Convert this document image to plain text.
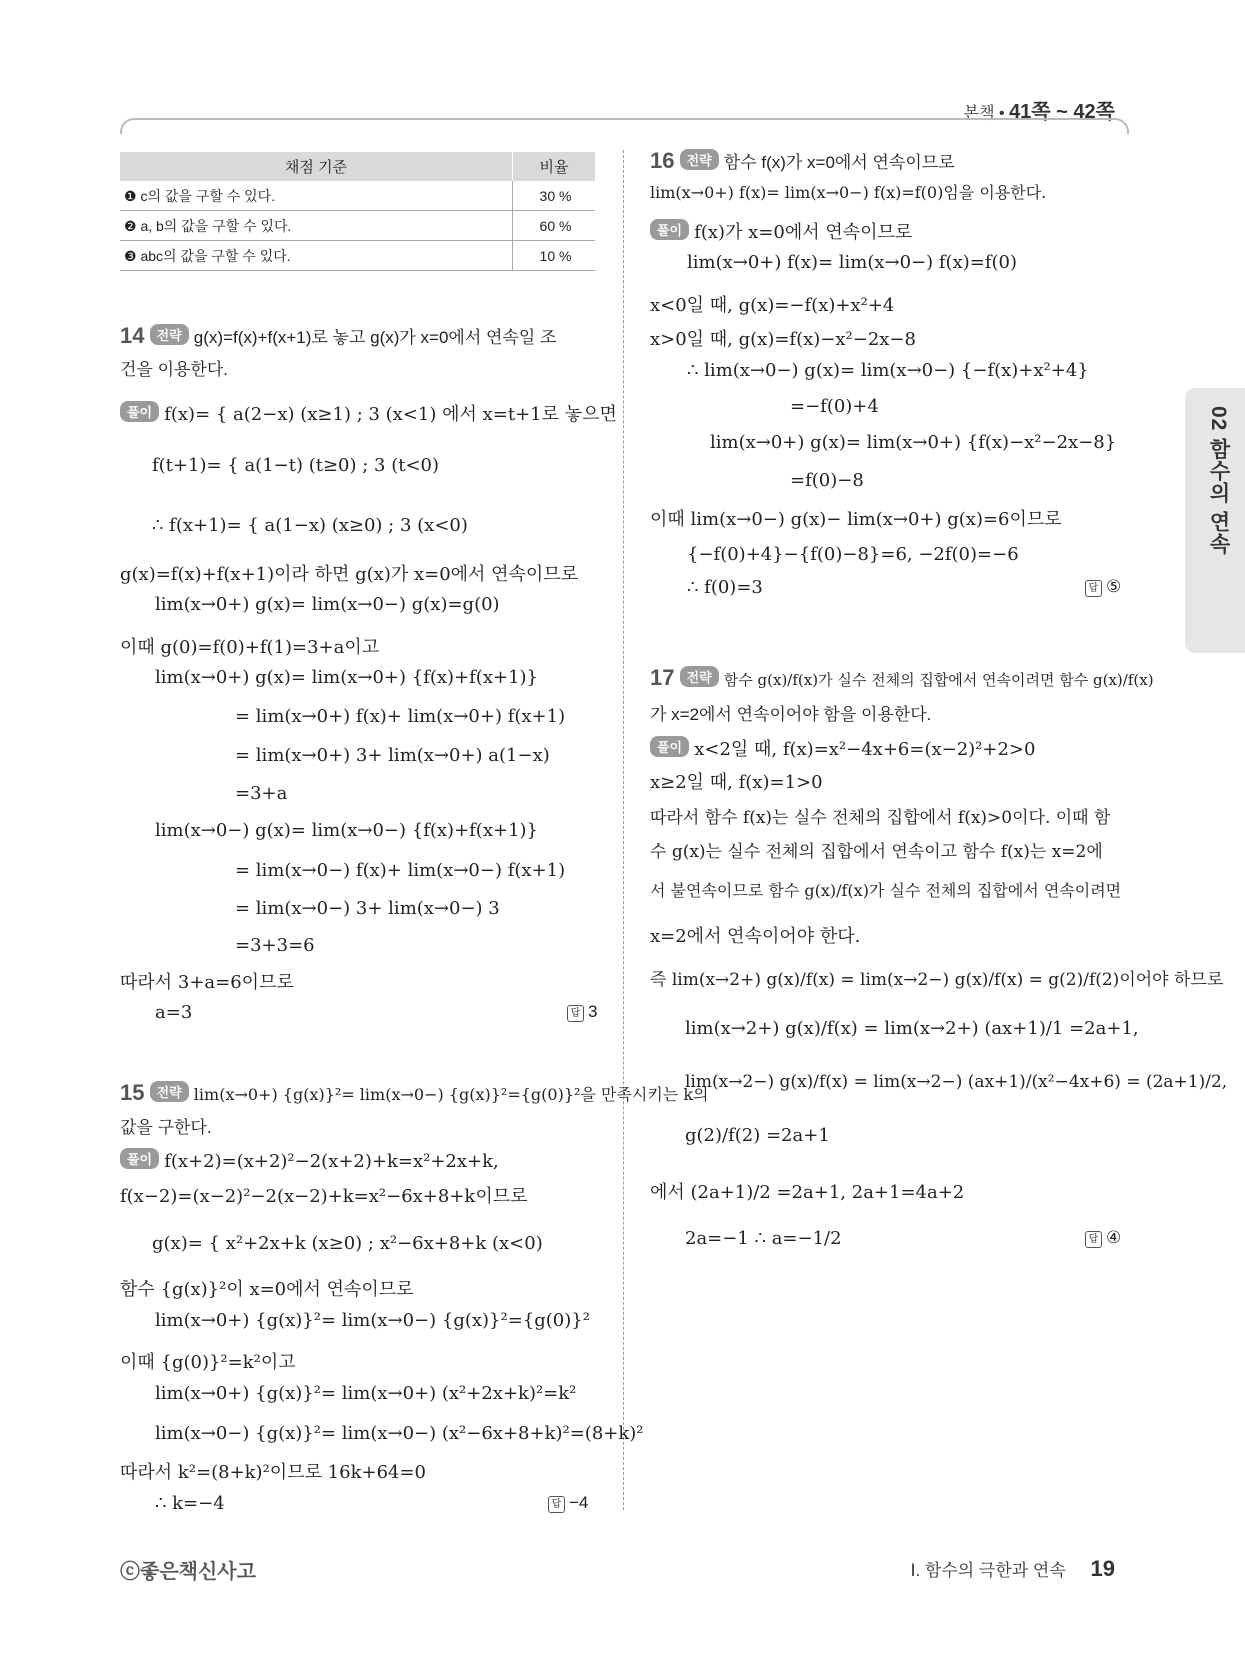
본책 • 41쪽 ~ 42쪽
02 함수의 연속
채점 기준	비율
❶ c의 값을 구할 수 있다.	30 %
❷ a, b의 값을 구할 수 있다.	60 %
❸ abc의 값을 구할 수 있다.	10 %
14 전략 g(x)=f(x)+f(x+1)로 놓고 g(x)가 x=0에서 연속일 조
건을 이용한다.
풀이 f(x)= { a(2−x) (x≥1) ; 3 (x<1) 에서 x=t+1로 놓으면
f(t+1)= { a(1−t) (t≥0) ; 3 (t<0)
∴ f(x+1)= { a(1−x) (x≥0) ; 3 (x<0)
g(x)=f(x)+f(x+1)이라 하면 g(x)가 x=0에서 연속이므로
lim(x→0+) g(x)= lim(x→0−) g(x)=g(0)
이때 g(0)=f(0)+f(1)=3+a이고
lim(x→0+) g(x)= lim(x→0+) {f(x)+f(x+1)}
= lim(x→0+) f(x)+ lim(x→0+) f(x+1)
= lim(x→0+) 3+ lim(x→0+) a(1−x)
=3+a
lim(x→0−) g(x)= lim(x→0−) {f(x)+f(x+1)}
= lim(x→0−) f(x)+ lim(x→0−) f(x+1)
= lim(x→0−) 3+ lim(x→0−) 3
=3+3=6
따라서 3+a=6이므로
a=3	답 3
15 전략 lim(x→0+) {g(x)}²= lim(x→0−) {g(x)}²={g(0)}²을 만족시키는 k의
값을 구한다.
풀이 f(x+2)=(x+2)²−2(x+2)+k=x²+2x+k,
f(x−2)=(x−2)²−2(x−2)+k=x²−6x+8+k이므로
g(x)= { x²+2x+k (x≥0) ; x²−6x+8+k (x<0)
함수 {g(x)}²이 x=0에서 연속이므로
lim(x→0+) {g(x)}²= lim(x→0−) {g(x)}²={g(0)}²
이때 {g(0)}²=k²이고
lim(x→0+) {g(x)}²= lim(x→0+) (x²+2x+k)²=k²
lim(x→0−) {g(x)}²= lim(x→0−) (x²−6x+8+k)²=(8+k)²
따라서 k²=(8+k)²이므로 16k+64=0
∴ k=−4	답 −4
16 전략 함수 f(x)가 x=0에서 연속이므로
lim(x→0+) f(x)= lim(x→0−) f(x)=f(0)임을 이용한다.
풀이 f(x)가 x=0에서 연속이므로
lim(x→0+) f(x)= lim(x→0−) f(x)=f(0)
x<0일 때, g(x)=−f(x)+x²+4
x>0일 때, g(x)=f(x)−x²−2x−8
∴ lim(x→0−) g(x)= lim(x→0−) {−f(x)+x²+4}
=−f(0)+4
lim(x→0+) g(x)= lim(x→0+) {f(x)−x²−2x−8}
=f(0)−8
이때 lim(x→0−) g(x)− lim(x→0+) g(x)=6이므로
{−f(0)+4}−{f(0)−8}=6, −2f(0)=−6
∴ f(0)=3	답 ⑤
17 전략 함수 g(x)/f(x)가 실수 전체의 집합에서 연속이려면 함수 g(x)/f(x)
가 x=2에서 연속이어야 함을 이용한다.
풀이 x<2일 때, f(x)=x²−4x+6=(x−2)²+2>0
x≥2일 때, f(x)=1>0
따라서 함수 f(x)는 실수 전체의 집합에서 f(x)>0이다. 이때 함
수 g(x)는 실수 전체의 집합에서 연속이고 함수 f(x)는 x=2에
서 불연속이므로 함수 g(x)/f(x)가 실수 전체의 집합에서 연속이려면
x=2에서 연속이어야 한다.
즉 lim(x→2+) g(x)/f(x) = lim(x→2−) g(x)/f(x) = g(2)/f(2)이어야 하므로
lim(x→2+) g(x)/f(x) = lim(x→2+) (ax+1)/1 =2a+1,
lim(x→2−) g(x)/f(x) = lim(x→2−) (ax+1)/(x²−4x+6) = (2a+1)/2,
g(2)/f(2) =2a+1
에서 (2a+1)/2 =2a+1, 2a+1=4a+2
2a=−1 ∴ a=−1/2	답 ④
ⓒ좋은책신사고	Ⅰ. 함수의 극한과 연속 19
